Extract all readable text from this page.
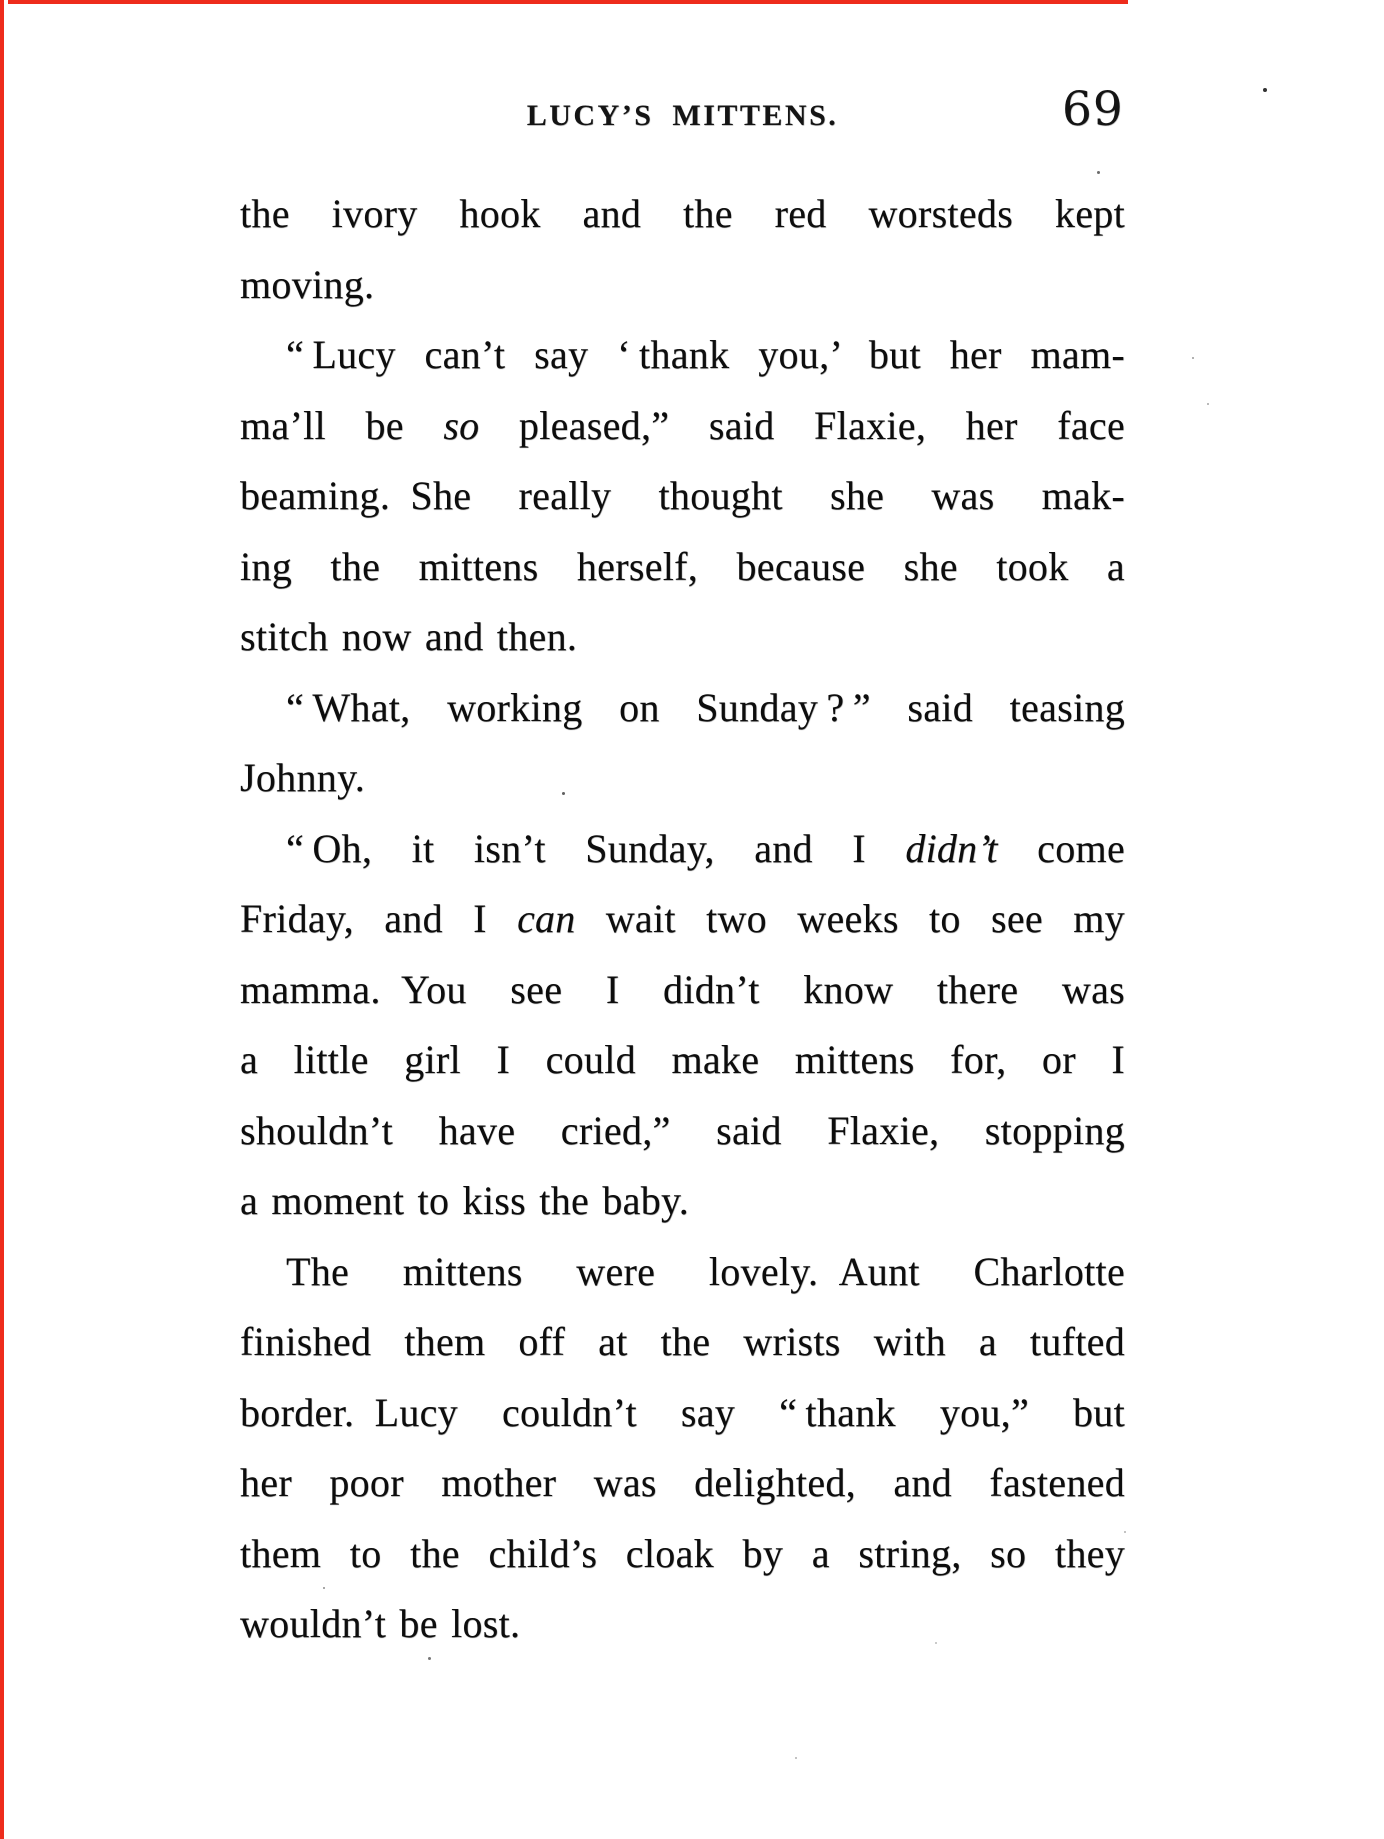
LUCY’S MITTENS.	69
the ivory hook and the red worsteds kept
moving.
“ Lucy can’t say ‘ thank you,’ but her mam-
ma’ll be so pleased,” said Flaxie, her face
beaming. She really thought she was mak-
ing the mittens herself, because she took a
stitch now and then.
“ What, working on Sunday ? ” said teasing
Johnny.
“ Oh, it isn’t Sunday, and I didn’t come
Friday, and I can wait two weeks to see my
mamma. You see I didn’t know there was
a little girl I could make mittens for, or I
shouldn’t have cried,” said Flaxie, stopping
a moment to kiss the baby.
The mittens were lovely. Aunt Charlotte
finished them off at the wrists with a tufted
border. Lucy couldn’t say “ thank you,” but
her poor mother was delighted, and fastened
them to the child’s cloak by a string, so they
wouldn’t be lost.
